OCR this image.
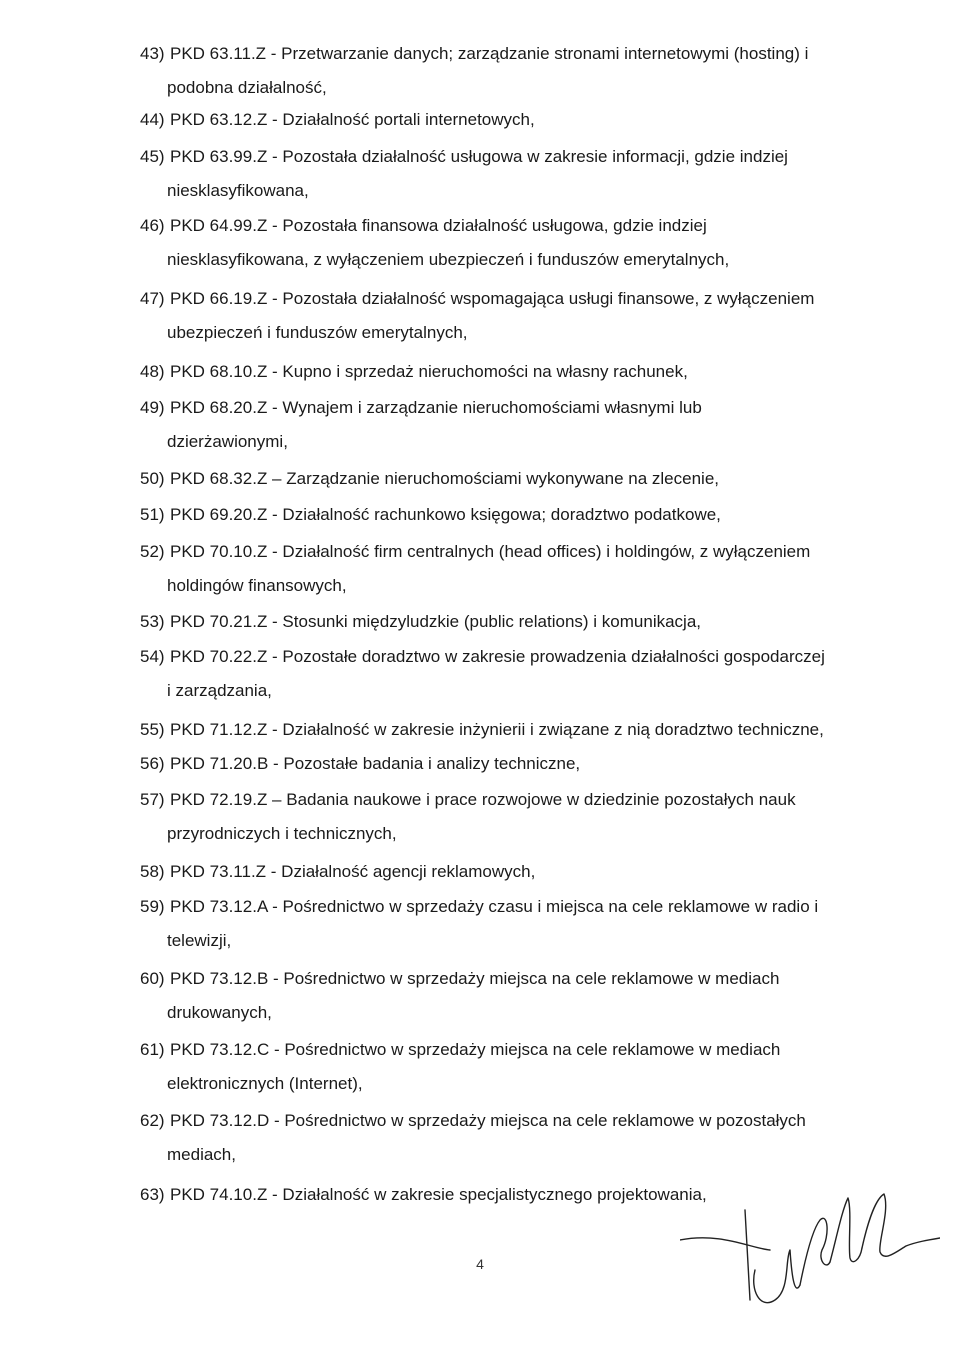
43) PKD 63.11.Z - Przetwarzanie danych; zarządzanie stronami internetowymi (hosting) i
podobna działalność,
44) PKD 63.12.Z - Działalność portali internetowych,
45) PKD 63.99.Z - Pozostała działalność usługowa w zakresie informacji, gdzie indziej
niesklasyfikowana,
46) PKD 64.99.Z - Pozostała finansowa działalność usługowa, gdzie indziej
niesklasyfikowana, z wyłączeniem ubezpieczeń i funduszów emerytalnych,
47) PKD 66.19.Z - Pozostała działalność wspomagająca usługi finansowe, z wyłączeniem
ubezpieczeń i funduszów emerytalnych,
48) PKD 68.10.Z - Kupno i sprzedaż nieruchomości na własny rachunek,
49) PKD 68.20.Z - Wynajem i zarządzanie nieruchomościami własnymi lub
dzierżawionymi,
50) PKD 68.32.Z – Zarządzanie nieruchomościami wykonywane na zlecenie,
51) PKD 69.20.Z - Działalność rachunkowo księgowa; doradztwo podatkowe,
52) PKD 70.10.Z - Działalność firm centralnych (head offices) i holdingów, z wyłączeniem
holdingów finansowych,
53) PKD 70.21.Z - Stosunki międzyludzkie (public relations) i komunikacja,
54) PKD 70.22.Z - Pozostałe doradztwo w zakresie prowadzenia działalności gospodarczej
i zarządzania,
55) PKD 71.12.Z - Działalność w zakresie inżynierii i związane z nią doradztwo techniczne,
56) PKD 71.20.B - Pozostałe badania i analizy techniczne,
57) PKD 72.19.Z – Badania naukowe i prace rozwojowe w dziedzinie pozostałych nauk
przyrodniczych i technicznych,
58) PKD 73.11.Z - Działalność agencji reklamowych,
59) PKD 73.12.A - Pośrednictwo w sprzedaży czasu i miejsca na cele reklamowe w radio i
telewizji,
60) PKD 73.12.B - Pośrednictwo w sprzedaży miejsca na cele reklamowe w mediach
drukowanych,
61) PKD 73.12.C - Pośrednictwo w sprzedaży miejsca na cele reklamowe w mediach
elektronicznych (Internet),
62) PKD 73.12.D - Pośrednictwo w sprzedaży miejsca na cele reklamowe w pozostałych
mediach,
63) PKD 74.10.Z - Działalność w zakresie specjalistycznego projektowania,
4
